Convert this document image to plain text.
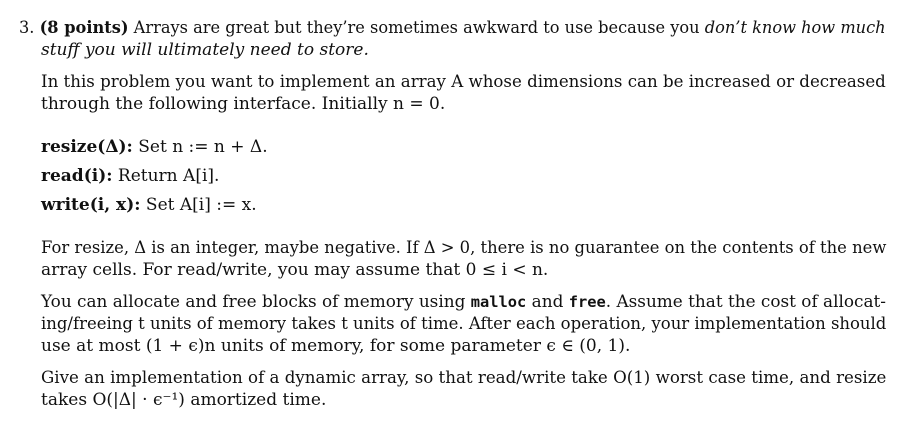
3. (8 points) Arrays are great but they’re sometimes awkward to use because you don’t know how much
stuff you will ultimately need to store.
In this problem you want to implement an array A whose dimensions can be increased or decreased
through the following interface. Initially n = 0.
resize(Δ): Set n := n + Δ.
read(i): Return A[i].
write(i, x): Set A[i] := x.
For resize, Δ is an integer, maybe negative. If Δ > 0, there is no guarantee on the contents of the new
array cells. For read/write, you may assume that 0 ≤ i < n.
You can allocate and free blocks of memory using malloc and free. Assume that the cost of allocat-
ing/freeing t units of memory takes t units of time. After each operation, your implementation should
use at most (1 + ϵ)n units of memory, for some parameter ϵ ∈ (0, 1).
Give an implementation of a dynamic array, so that read/write take O(1) worst case time, and resize
takes O(|Δ| · ϵ⁻¹) amortized time.
